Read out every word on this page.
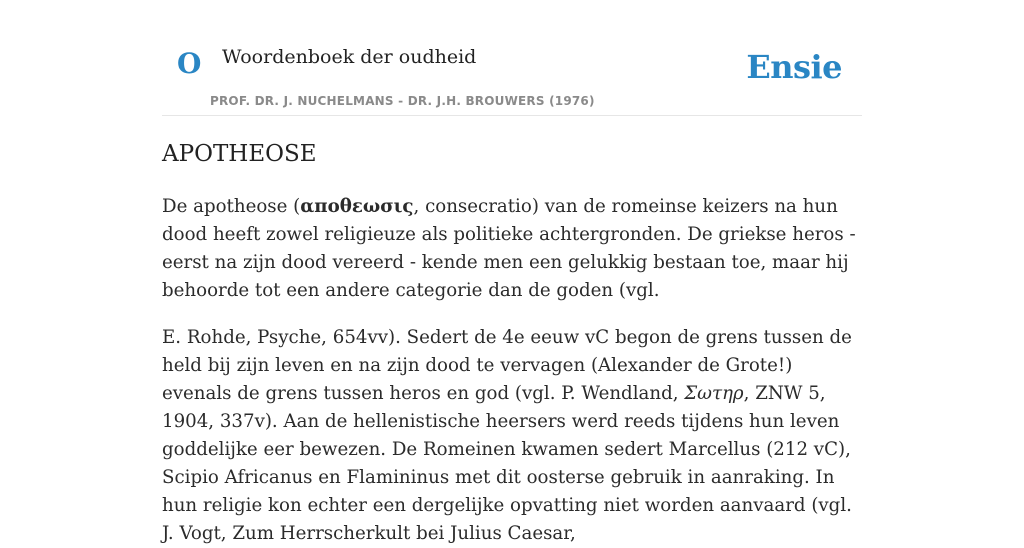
O Woordenboek der oudheid
PROF. DR. J. NUCHELMANS - DR. J.H. BROUWERS (1976)
Ensie
APOTHEOSE

De apotheose (αποθεωσις, consecratio) van de romeinse keizers na hun dood heeft zowel religieuze als politieke achtergronden. De griekse heros - eerst na zijn dood vereerd - kende men een gelukkig bestaan toe, maar hij behoorde tot een andere categorie dan de goden (vgl.

E. Rohde, Psyche, 654vv). Sedert de 4e eeuw vC begon de grens tussen de held bij zijn leven en na zijn dood te vervagen (Alexander de Grote!) evenals de grens tussen heros en god (vgl. P. Wendland, Σωτηρ, ZNW 5, 1904, 337v). Aan de hellenistische heersers werd reeds tijdens hun leven goddelijke eer bewezen. De Romeinen kwamen sedert Marcellus (212 vC), Scipio Africanus en Flamininus met dit oosterse gebruik in aanraking. In hun religie kon echter een dergelijke opvatting niet worden aanvaard (vgl. J. Vogt, Zum Herrscherkult bei Julius Caesar,
